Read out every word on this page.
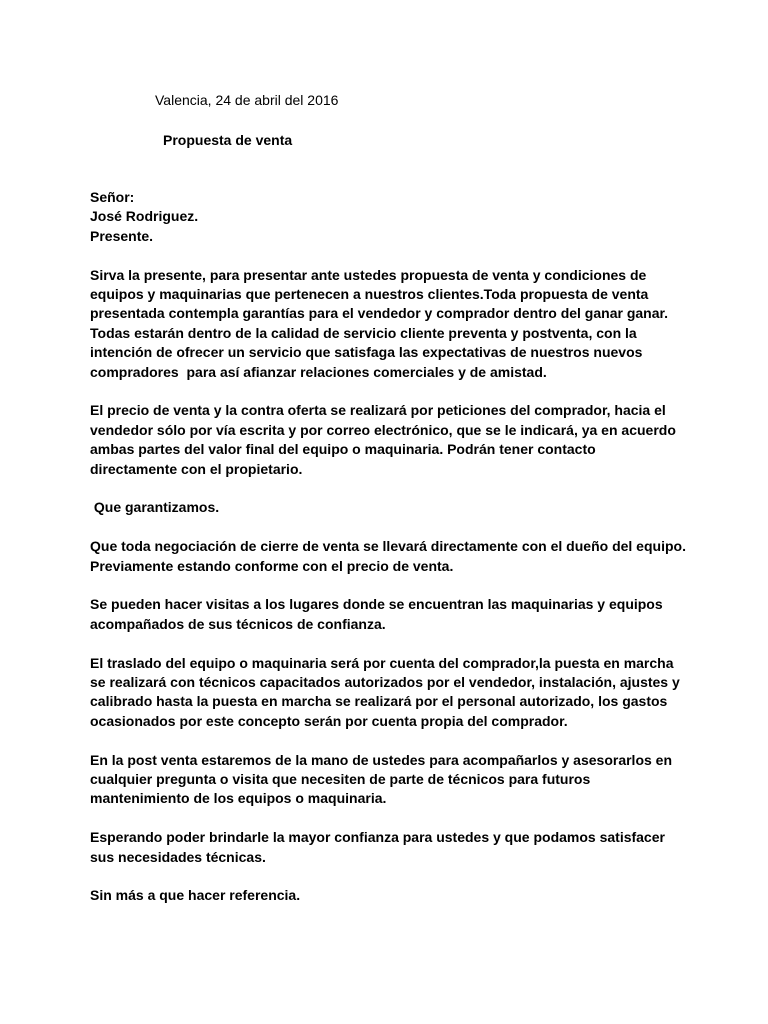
Valencia, 24 de abril del 2016
Propuesta de venta
Señor:
José Rodriguez.
Presente.
Sirva la presente, para presentar ante ustedes propuesta de venta y condiciones de
equipos y maquinarias que pertenecen a nuestros clientes.Toda propuesta de venta
presentada contempla garantías para el vendedor y comprador dentro del ganar ganar.
Todas estarán dentro de la calidad de servicio cliente preventa y postventa, con la
intención de ofrecer un servicio que satisfaga las expectativas de nuestros nuevos
compradores  para así afianzar relaciones comerciales y de amistad.
El precio de venta y la contra oferta se realizará por peticiones del comprador, hacia el
vendedor sólo por vía escrita y por correo electrónico, que se le indicará, ya en acuerdo
ambas partes del valor final del equipo o maquinaria. Podrán tener contacto
directamente con el propietario.
Que garantizamos.
Que toda negociación de cierre de venta se llevará directamente con el dueño del equipo.
Previamente estando conforme con el precio de venta.
Se pueden hacer visitas a los lugares donde se encuentran las maquinarias y equipos
acompañados de sus técnicos de confianza.
El traslado del equipo o maquinaria será por cuenta del comprador,la puesta en marcha
se realizará con técnicos capacitados autorizados por el vendedor, instalación, ajustes y
calibrado hasta la puesta en marcha se realizará por el personal autorizado, los gastos
ocasionados por este concepto serán por cuenta propia del comprador.
En la post venta estaremos de la mano de ustedes para acompañarlos y asesorarlos en
cualquier pregunta o visita que necesiten de parte de técnicos para futuros
mantenimiento de los equipos o maquinaria.
Esperando poder brindarle la mayor confianza para ustedes y que podamos satisfacer
sus necesidades técnicas.
Sin más a que hacer referencia.
